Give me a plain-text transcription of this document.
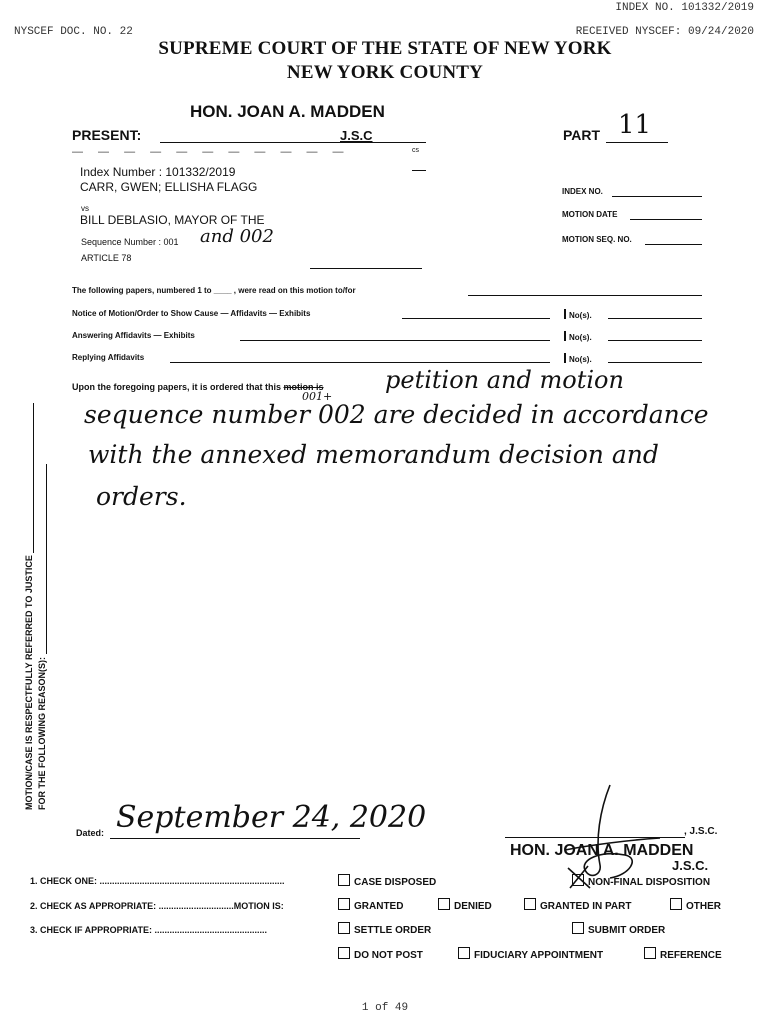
INDEX NO. 101332/2019
NYSCEF DOC. NO. 22	RECEIVED NYSCEF: 09/24/2020
SUPREME COURT OF THE STATE OF NEW YORK
NEW YORK COUNTY
HON. JOAN A. MADDEN
PRESENT:	J.S.C
cs
— — — — — — — — — — —
PART 11
Index Number : 101332/2019
CARR, GWEN; ELLISHA FLAGG
vs
BILL DEBLASIO, MAYOR OF THE
Sequence Number : 001 and 002
ARTICLE 78
INDEX NO.
MOTION DATE
MOTION SEQ. NO.
The following papers, numbered 1 to ____ , were read on this motion to/for
Notice of Motion/Order to Show Cause — Affidavits — Exhibits	No(s).
Answering Affidavits — Exhibits	No(s).
Replying Affidavits	No(s).
Upon the foregoing papers, it is ordered that this motion is	petition and motion
sequence number 002 are decided in accordance
001+
with the annexed memorandum decision and
orders.
MOTION/CASE IS RESPECTFULLY REFERRED TO JUSTICE FOR THE FOLLOWING REASON(S):
Dated: September 24, 2020	, J.S.C.
HON. JOAN A. MADDEN
J.S.C.
1. CHECK ONE: ..........................................................................	CASE DISPOSED	NON-FINAL DISPOSITION
2. CHECK AS APPROPRIATE: ..............................MOTION IS:	GRANTED	DENIED	GRANTED IN PART	OTHER
3. CHECK IF APPROPRIATE: .............................................	SETTLE ORDER	SUBMIT ORDER
DO NOT POST	FIDUCIARY APPOINTMENT	REFERENCE
1 of 49
